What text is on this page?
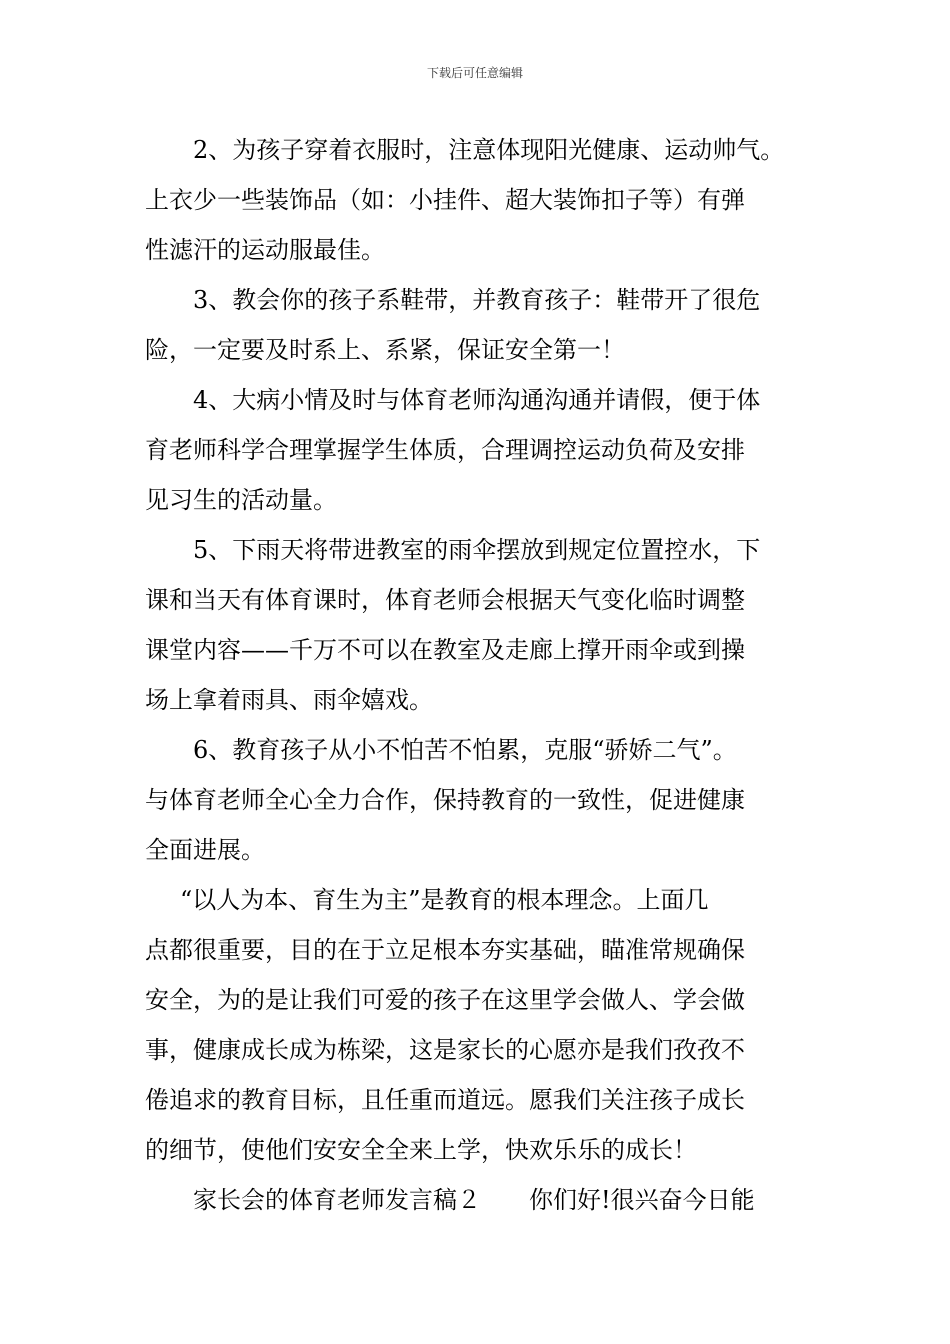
下载后可任意编辑
2、为孩子穿着衣服时，注意体现阳光健康、运动帅气。
上衣少一些装饰品（如：小挂件、超大装饰扣子等）有弹
性滤汗的运动服最佳。
3、教会你的孩子系鞋带，并教育孩子：鞋带开了很危
险，一定要及时系上、系紧，保证安全第一！
4、大病小情及时与体育老师沟通沟通并请假，便于体
育老师科学合理掌握学生体质，合理调控运动负荷及安排
见习生的活动量。
5、下雨天将带进教室的雨伞摆放到规定位置控水，下
课和当天有体育课时，体育老师会根据天气变化临时调整
课堂内容——千万不可以在教室及走廊上撑开雨伞或到操
场上拿着雨具、雨伞嬉戏。
6、教育孩子从小不怕苦不怕累，克服“骄娇二气”。
与体育老师全心全力合作，保持教育的一致性，促进健康
全面进展。
“以人为本、育生为主”是教育的根本理念。上面几
点都很重要，目的在于立足根本夯实基础，瞄准常规确保
安全，为的是让我们可爱的孩子在这里学会做人、学会做
事，健康成长成为栋梁，这是家长的心愿亦是我们孜孜不
倦追求的教育目标，且任重而道远。愿我们关注孩子成长
的细节，使他们安安全全来上学，快欢乐乐的成长！
家长会的体育老师发言稿２　　你们好!很兴奋今日能
